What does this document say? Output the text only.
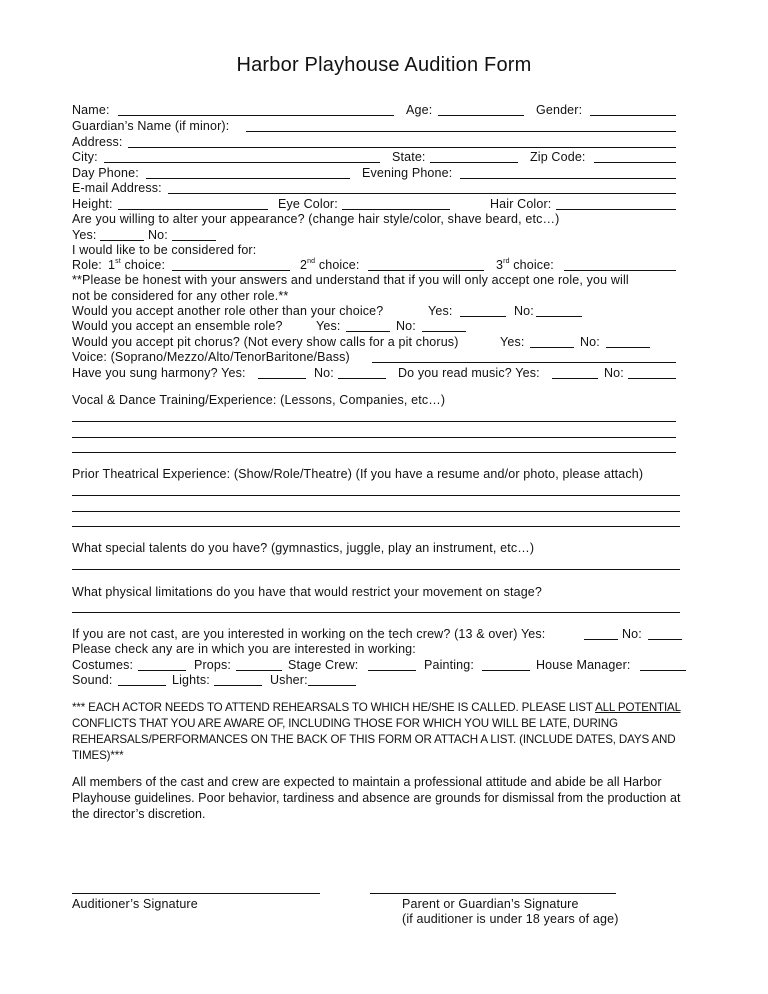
Harbor Playhouse Audition Form
Name:	Age:	Gender:
Guardian’s Name (if minor):
Address:
City:	State:	Zip Code:
Day Phone:	Evening Phone:
E-mail Address:
Height:	Eye Color:	Hair Color:
Are you willing to alter your appearance? (change hair style/color, shave beard, etc…)
Yes:	No:
I would like to be considered for:
Role: 1st choice:	2nd choice:	3rd choice:
**Please be honest with your answers and understand that if you will only accept one role, you will
not be considered for any other role.**
Would you accept another role other than your choice?	Yes:	No:
Would you accept an ensemble role?	Yes:	No:
Would you accept pit chorus? (Not every show calls for a pit chorus)	Yes:	No:
Voice: (Soprano/Mezzo/Alto/TenorBaritone/Bass)
Have you sung harmony? Yes:	No:	Do you read music? Yes:	No:
Vocal & Dance Training/Experience: (Lessons, Companies, etc…)
Prior Theatrical Experience: (Show/Role/Theatre) (If you have a resume and/or photo, please attach)
What special talents do you have? (gymnastics, juggle, play an instrument, etc…)
What physical limitations do you have that would restrict your movement on stage?
If you are not cast, are you interested in working on the tech crew? (13 & over) Yes:	No:
Please check any are in which you are interested in working:
Costumes:	Props:	Stage Crew:	Painting:	House Manager:
Sound:	Lights:	Usher:
*** EACH ACTOR NEEDS TO ATTEND REHEARSALS TO WHICH HE/SHE IS CALLED. PLEASE LIST ALL POTENTIAL CONFLICTS THAT YOU ARE AWARE OF, INCLUDING THOSE FOR WHICH YOU WILL BE LATE, DURING REHEARSALS/PERFORMANCES ON THE BACK OF THIS FORM OR ATTACH A LIST. (INCLUDE DATES, DAYS AND TIMES)***
All members of the cast and crew are expected to maintain a professional attitude and abide be all Harbor Playhouse guidelines. Poor behavior, tardiness and absence are grounds for dismissal from the production at the director’s discretion.
Auditioner’s Signature	Parent or Guardian’s Signature
(if auditioner is under 18 years of age)
